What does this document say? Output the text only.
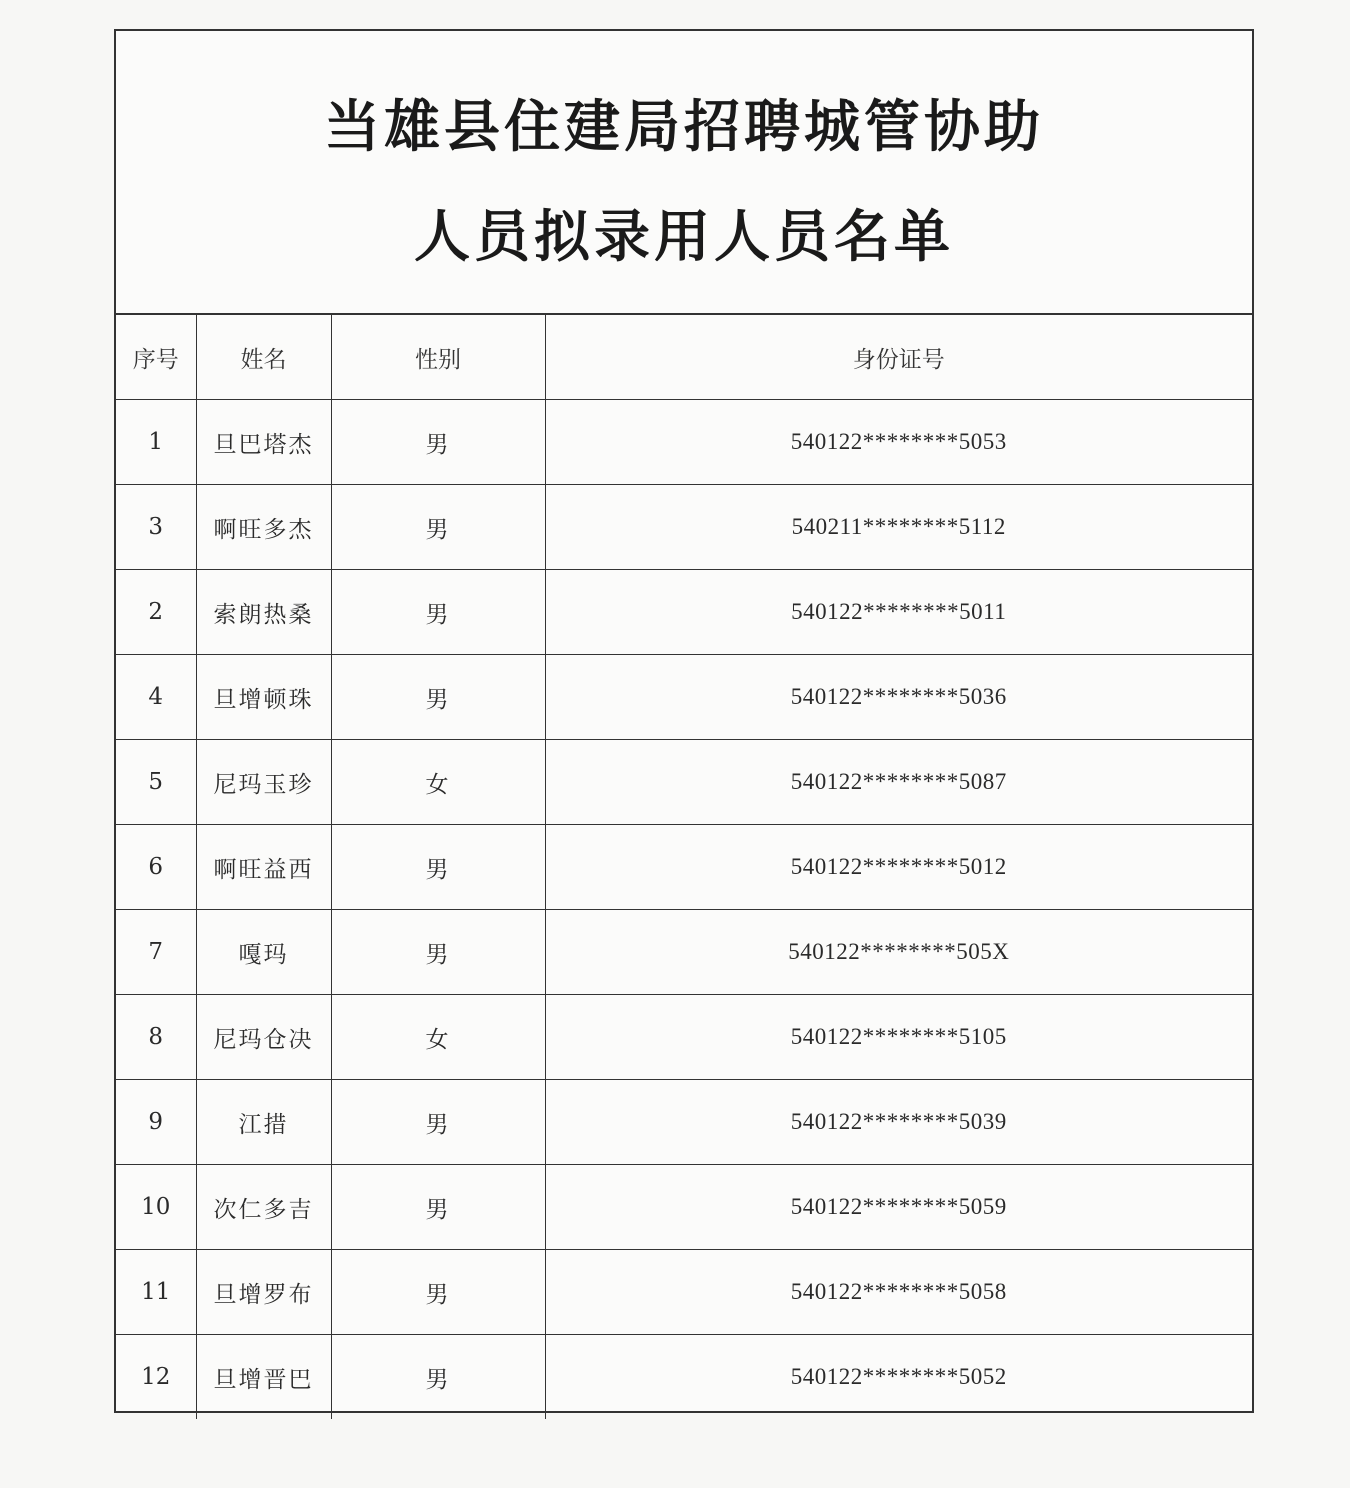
当雄县住建局招聘城管协助
人员拟录用人员名单
序号	姓名	性别	身份证号
1	旦巴塔杰	男	540122********5053
3	啊旺多杰	男	540211********5112
2	索朗热桑	男	540122********5011
4	旦增顿珠	男	540122********5036
5	尼玛玉珍	女	540122********5087
6	啊旺益西	男	540122********5012
7	嘎玛	男	540122********505X
8	尼玛仓决	女	540122********5105
9	江措	男	540122********5039
10	次仁多吉	男	540122********5059
11	旦增罗布	男	540122********5058
12	旦增晋巴	男	540122********5052
